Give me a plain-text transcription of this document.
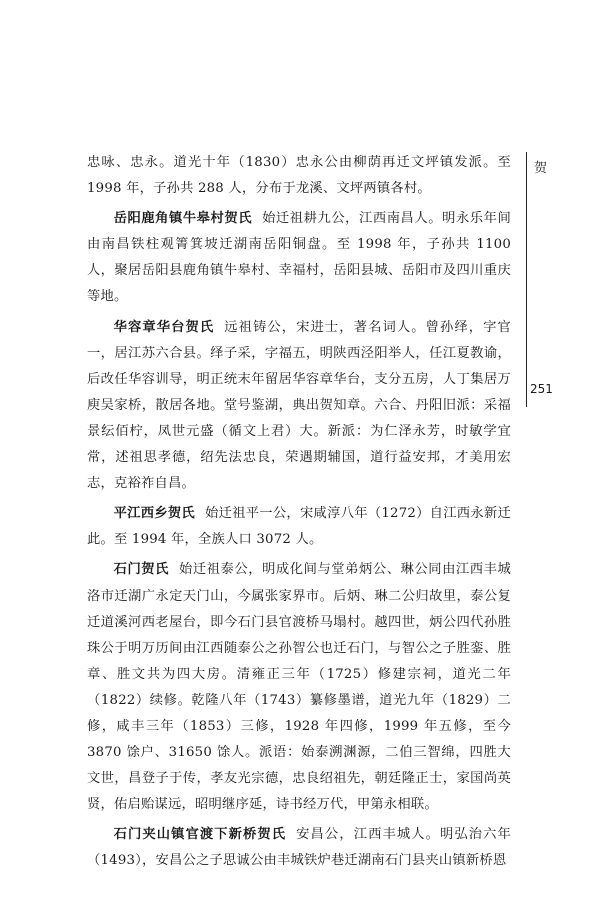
忠咏、忠永。道光十年（1830）忠永公由柳荫再迁文坪镇发派。至1998 年，子孙共 288 人，分布于龙溪、文坪两镇各村。

岳阳鹿角镇牛皋村贺氏 始迁祖耕九公，江西南昌人。明永乐年间由南昌铁柱观箐箕坡迁湖南岳阳铜盘。至 1998 年，子孙共 1100 人，聚居岳阳县鹿角镇牛皋村、幸福村，岳阳县城、岳阳市及四川重庆等地。

华容章华台贺氏 远祖铸公，宋进士，著名词人。曾孙绎，字官一，居江苏六合县。绎子采，字福五，明陕西泾阳举人，任江夏教谕，后改任华容训导，明正统末年留居华容章华台，支分五房，人丁集居万庾吴家桥，散居各地。堂号鉴湖，典出贺知章。六合、丹阳旧派：采福景纭佰柠，凤世元盛（循文上君）大。新派：为仁泽永芳，时敏学宜常，述祖思孝德，绍先法忠良，荣遇期辅国，道行益安邦，才美用宏志，克裕祚自昌。

平江西乡贺氏 始迁祖平一公，宋咸淳八年（1272）自江西永新迁此。至 1994 年，全族人口 3072 人。

石门贺氏 始迁祖泰公，明成化间与堂弟炳公、琳公同由江西丰城洛市迁湖广永定天门山，今属张家界市。后炳、琳二公归故里，泰公复迁道溪河西老屋台，即今石门县官渡桥马塌村。越四世，炳公四代孙胜珠公于明万历间由江西随泰公之孙智公也迁石门，与智公之子胜銮、胜章、胜文共为四大房。清雍正三年（1725）修建宗祠，道光二年（1822）续修。乾隆八年（1743）纂修墨谱，道光九年（1829）二修，咸丰三年（1853）三修，1928 年四修，1999 年五修，至今3870 馀户、31650 馀人。派语：始泰溯渊源，二伯三智绵，四胜大文世，昌登子于传，孝友光宗德，忠良绍祖先，朝廷隆正士，家国尚英贤，佑启贻谋远，昭明继序延，诗书经万代，甲第永相联。

石门夹山镇官渡下新桥贺氏 安昌公，江西丰城人。明弘治六年（1493），安昌公之子思诚公由丰城铁炉巷迁湖南石门县夹山镇新桥恩

贺
251
